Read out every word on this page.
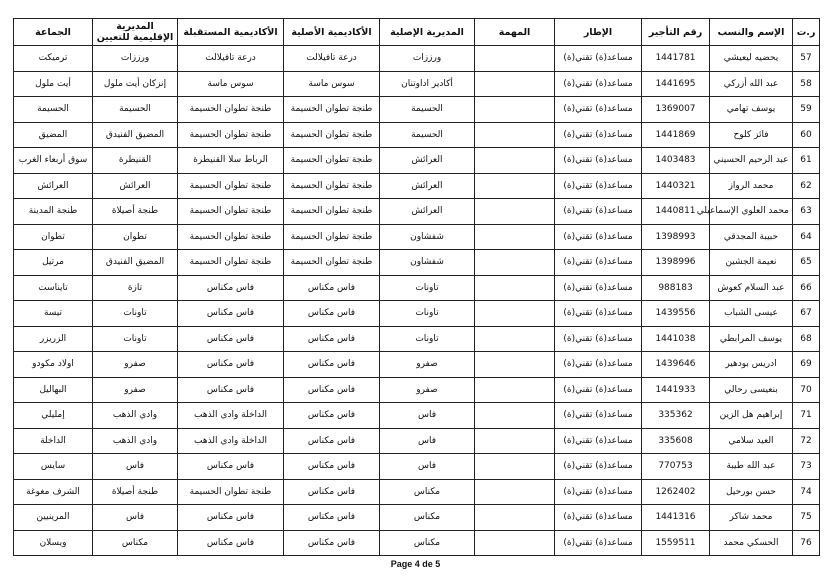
ر.ت	الإسم والنسب	رقم التأجير	الإطار	المهمة	المديرية الإصلية	الأكاديمية الأصلية	الأكاديمية المستقبلة	المديرية الإقليمية للتعيين	الجماعة
57	يحضيه ليعيشي	1441781	مساعد(ة) تقني(ة)		ورززات	درعة تافيلالت	درعة تافيلالت	ورززات	ترميكت
58	عبد الله أزركي	1441695	مساعد(ة) تقني(ة)		أكادير اداوتنان	سوس ماسة	سوس ماسة	إنزكان أيت ملول	أيت ملول
59	يوسف تهامي	1369007	مساعد(ة) تقني(ة)		الحسيمة	طنجة تطوان الحسيمة	طنجة تطوان الحسيمة	الحسيمة	الحسيمة
60	فائز كلوح	1441869	مساعد(ة) تقني(ة)		الحسيمة	طنجة تطوان الحسيمة	طنجة تطوان الحسيمة	المضيق الفنيدق	المضيق
61	عبد الرحيم الحسيني	1403483	مساعد(ة) تقني(ة)		العرائش	طنجة تطوان الحسيمة	الرباط سلا القنيطرة	القنيطرة	سوق أربعاء الغرب
62	محمد الرواز	1440321	مساعد(ة) تقني(ة)		العرائش	طنجة تطوان الحسيمة	طنجة تطوان الحسيمة	العرائش	العرائش
63	محمد العلوي الإسماعيلي	1440811	مساعد(ة) تقني(ة)		العرائش	طنجة تطوان الحسيمة	طنجة تطوان الحسيمة	طنجة أصيلاة	طنجة المدينة
64	حبيبة المجدقي	1398993	مساعد(ة) تقني(ة)		شفشاون	طنجة تطوان الحسيمة	طنجة تطوان الحسيمة	تطوان	تطوان
65	نعيمة الجشين	1398996	مساعد(ة) تقني(ة)		شفشاون	طنجة تطوان الحسيمة	طنجة تطوان الحسيمة	المضيق الفنيدق	مرتيل
66	عبد السلام كعوش	988183	مساعد(ة) تقني(ة)		تاونات	فاس مكناس	فاس مكناس	تازة	تايناست
67	عيسى الشباب	1439556	مساعد(ة) تقني(ة)		تاونات	فاس مكناس	فاس مكناس	تاونات	تيسة
68	يوسف المرابطي	1441038	مساعد(ة) تقني(ة)		تاونات	فاس مكناس	فاس مكناس	تاونات	الزريزر
69	ادريس بودهير	1439646	مساعد(ة) تقني(ة)		صفرو	فاس مكناس	فاس مكناس	صفرو	اولاد مكودو
70	بنعيسى رحالي	1441933	مساعد(ة) تقني(ة)		صفرو	فاس مكناس	فاس مكناس	صفرو	البهاليل
71	إبراهيم هل الزين	335362	مساعد(ة) تقني(ة)		فاس	فاس مكناس	الداخلة وادي الذهب	وادي الذهب	إمليلي
72	العيد سلامي	335608	مساعد(ة) تقني(ة)		فاس	فاس مكناس	الداخلة وادي الذهب	وادي الذهب	الداخلة
73	عبد الله طيبة	770753	مساعد(ة) تقني(ة)		فاس	فاس مكناس	فاس مكناس	فاس	سايس
74	حسن بورحيل	1262402	مساعد(ة) تقني(ة)		مكناس	فاس مكناس	طنجة تطوان الحسيمة	طنجة أصيلاة	الشرف مغوغة
75	محمد شاكر	1441316	مساعد(ة) تقني(ة)		مكناس	فاس مكناس	فاس مكناس	فاس	المرينيين
76	الحسكي محمد	1559511	مساعد(ة) تقني(ة)		مكناس	فاس مكناس	فاس مكناس	مكناس	ويسلان
Page 4 de 5
